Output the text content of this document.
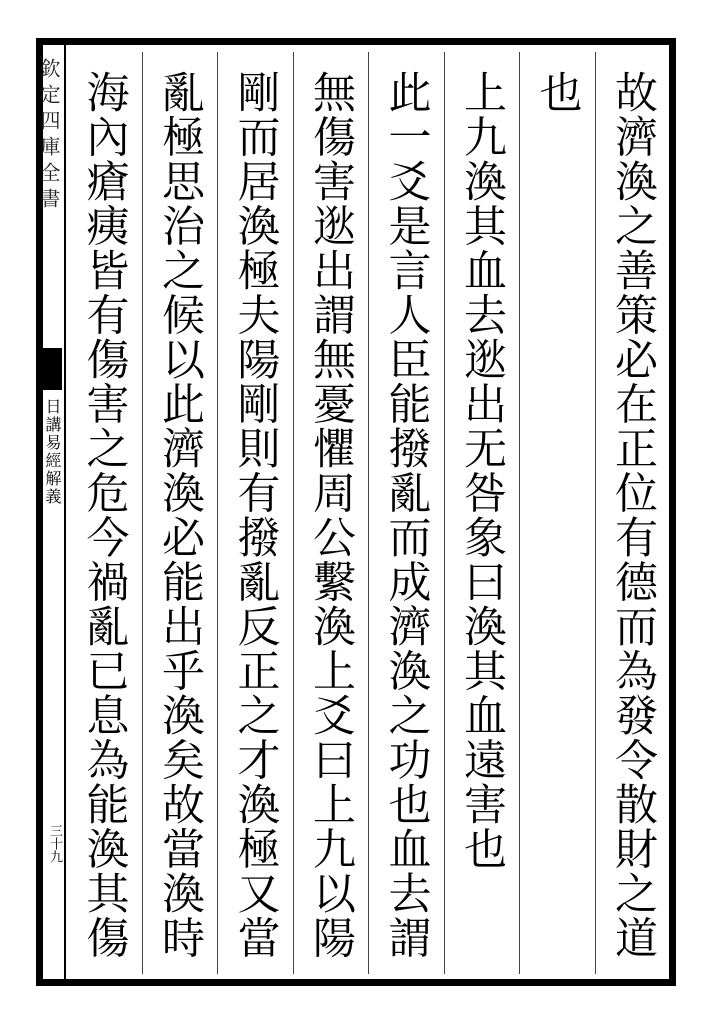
欽定四庫全書
日講易經解義
三十九	故濟渙之善策必在正位有德而為發令散財之道
也
上九渙其血去逖出无咎象曰渙其血遠害也
此一爻是言人臣能撥亂而成濟渙之功也血去謂
無傷害逖出謂無憂懼周公繫渙上爻曰上九以陽
剛而居渙極夫陽剛則有撥亂反正之才渙極又當
亂極思治之候以此濟渙必能出乎渙矣故當渙時
海內瘡痍皆有傷害之危今禍亂已息為能渙其傷
